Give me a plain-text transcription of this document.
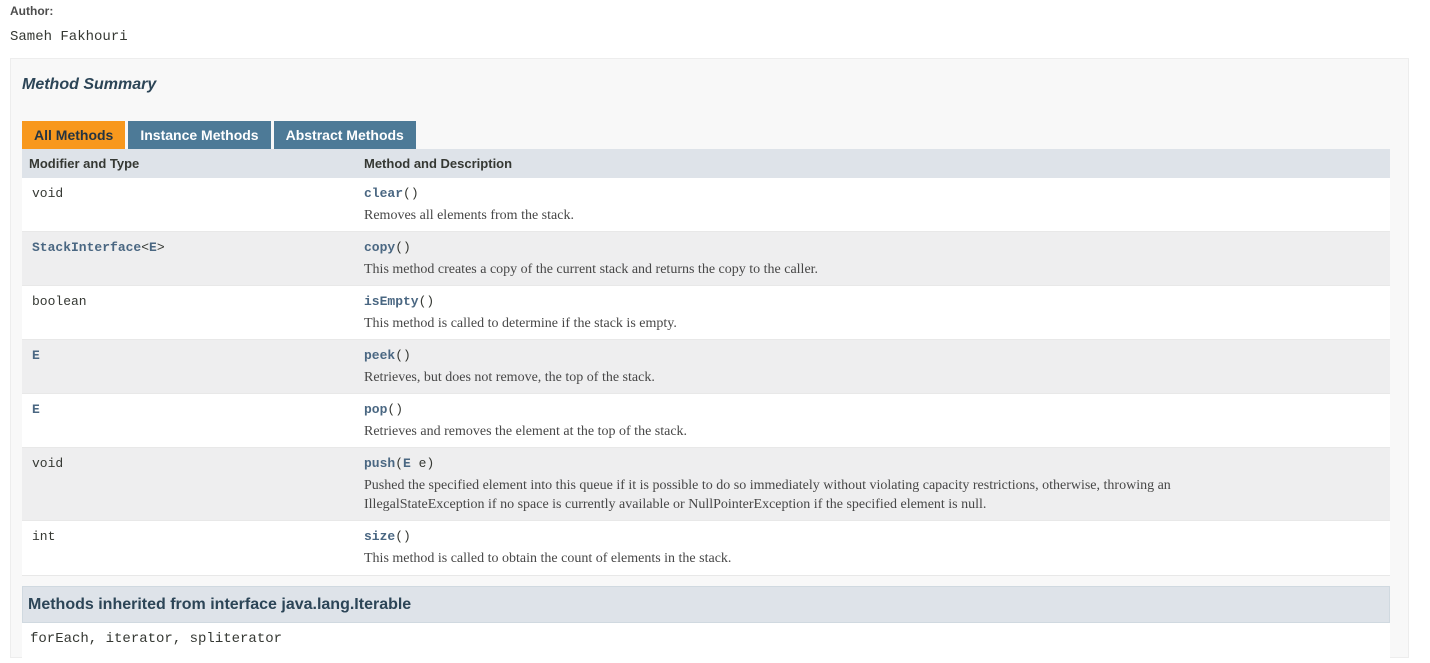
Author:
Sameh Fakhouri
Method Summary
All Methods	Instance Methods	Abstract Methods
Modifier and Type	Method and Description
void	clear()
Removes all elements from the stack.
StackInterface<E>	copy()
This method creates a copy of the current stack and returns the copy to the caller.
boolean	isEmpty()
This method is called to determine if the stack is empty.
E	peek()
Retrieves, but does not remove, the top of the stack.
E	pop()
Retrieves and removes the element at the top of the stack.
void	push(E e)
Pushed the specified element into this queue if it is possible to do so immediately without violating capacity restrictions, otherwise, throwing an IllegalStateException if no space is currently available or NullPointerException if the specified element is null.
int	size()
This method is called to obtain the count of elements in the stack.
Methods inherited from interface java.lang.Iterable
forEach, iterator, spliterator
